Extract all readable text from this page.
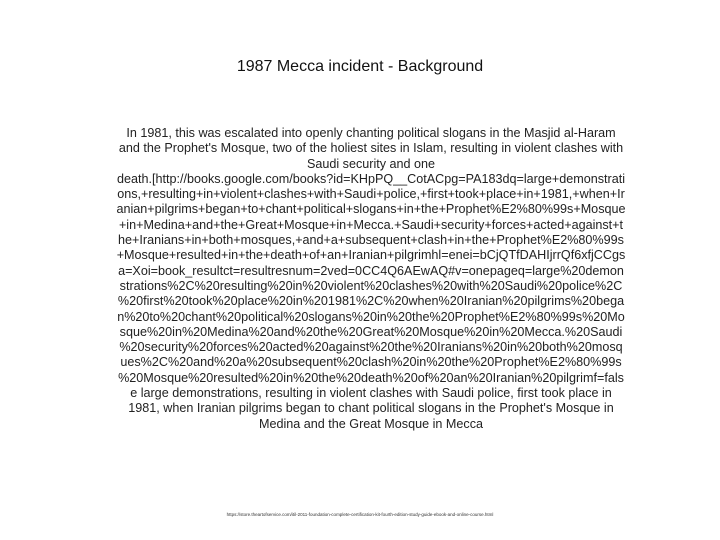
1987 Mecca incident - Background
In 1981, this was escalated into openly chanting political slogans in the Masjid al-Haram
and the Prophet's Mosque, two of the holiest sites in Islam, resulting in violent clashes with
Saudi security and one
death.[http://books.google.com/books?id=KHpPQ__CotACpg=PA183dq=large+demonstrati
ons,+resulting+in+violent+clashes+with+Saudi+police,+first+took+place+in+1981,+when+Ir
anian+pilgrims+began+to+chant+political+slogans+in+the+Prophet%E2%80%99s+Mosque
+in+Medina+and+the+Great+Mosque+in+Mecca.+Saudi+security+forces+acted+against+t
he+Iranians+in+both+mosques,+and+a+subsequent+clash+in+the+Prophet%E2%80%99s
+Mosque+resulted+in+the+death+of+an+Iranian+pilgrimhl=enei=bCjQTfDAHIjrrQf6xfjCCgs
a=Xoi=book_resultct=resultresnum=2ved=0CC4Q6AEwAQ#v=onepageq=large%20demon
strations%2C%20resulting%20in%20violent%20clashes%20with%20Saudi%20police%2C
%20first%20took%20place%20in%201981%2C%20when%20Iranian%20pilgrims%20bega
n%20to%20chant%20political%20slogans%20in%20the%20Prophet%E2%80%99s%20Mo
sque%20in%20Medina%20and%20the%20Great%20Mosque%20in%20Mecca.%20Saudi
%20security%20forces%20acted%20against%20the%20Iranians%20in%20both%20mosq
ues%2C%20and%20a%20subsequent%20clash%20in%20the%20Prophet%E2%80%99s
%20Mosque%20resulted%20in%20the%20death%20of%20an%20Iranian%20pilgrimf=fals
e large demonstrations, resulting in violent clashes with Saudi police, first took place in
1981, when Iranian pilgrims began to chant political slogans in the Prophet's Mosque in
Medina and the Great Mosque in Mecca
https://store.theartofservice.com/itil-2011-foundation-complete-certification-kit-fourth-edition-study-guide-ebook-and-online-course.html
